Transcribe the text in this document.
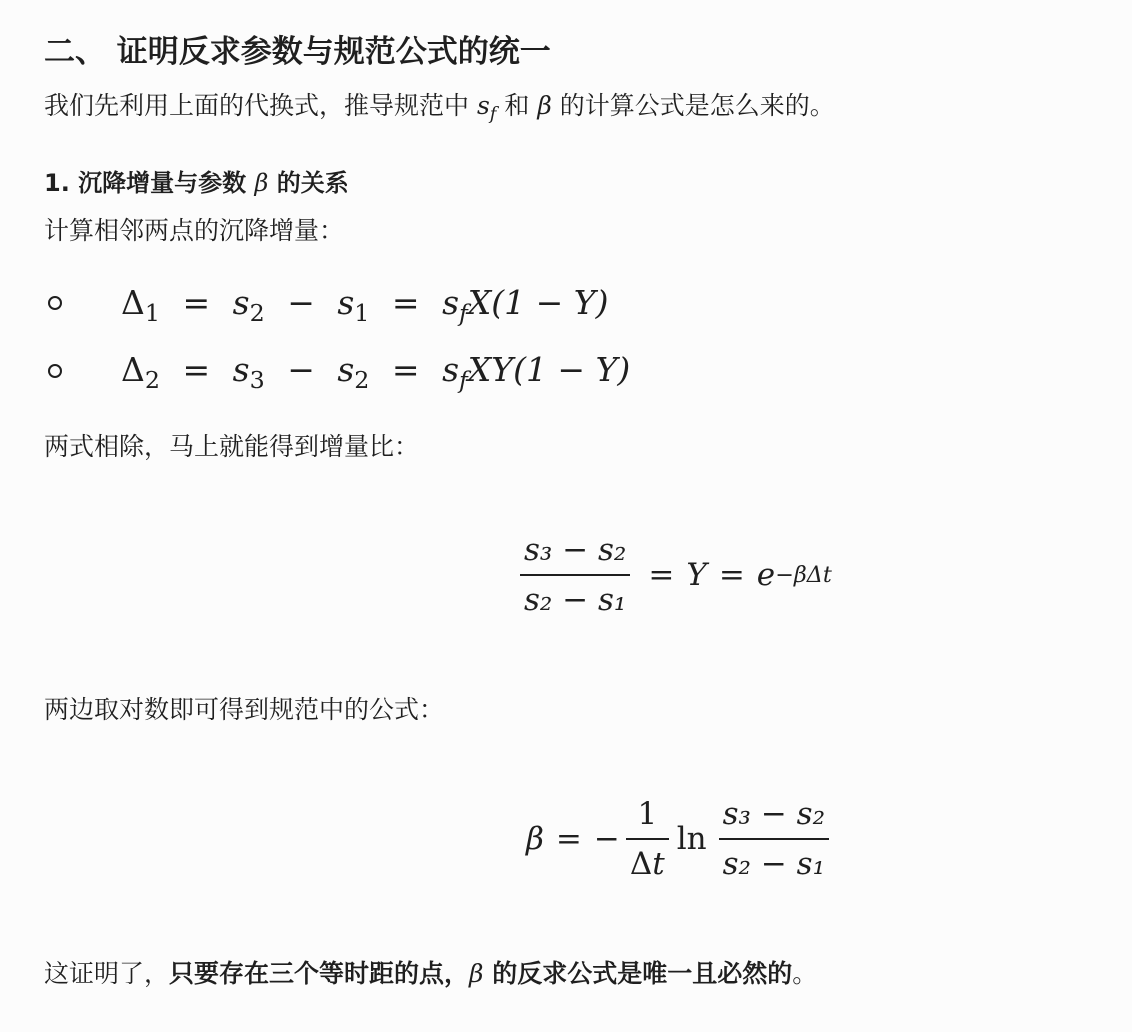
二、 证明反求参数与规范公式的统一
我们先利用上面的代换式，推导规范中 $s_f$ 和 β 的计算公式是怎么来的。
1. 沉降增量与参数 β 的关系
计算相邻两点的沉降增量：
$\Delta_1 = s_2 - s_1 = s_fX(1 - Y)$
$\Delta_2 = s_3 - s_2 = s_fXY(1 - Y)$
两式相除，马上就能得到增量比：
$\frac{\text{s₃ − s₂}}{\text{s₂ − s₁}} = Y = e -\beta\Delta t$
两边取对数即可得到规范中的公式：
β = − $\frac{1}{\Delta t}$ $\ln \frac{\text{s₃ − s₂}}{\text{s₂ − s₁}}$
这证明了，只要存在三个等时距的点，β 的反求公式是唯一且必然的。
